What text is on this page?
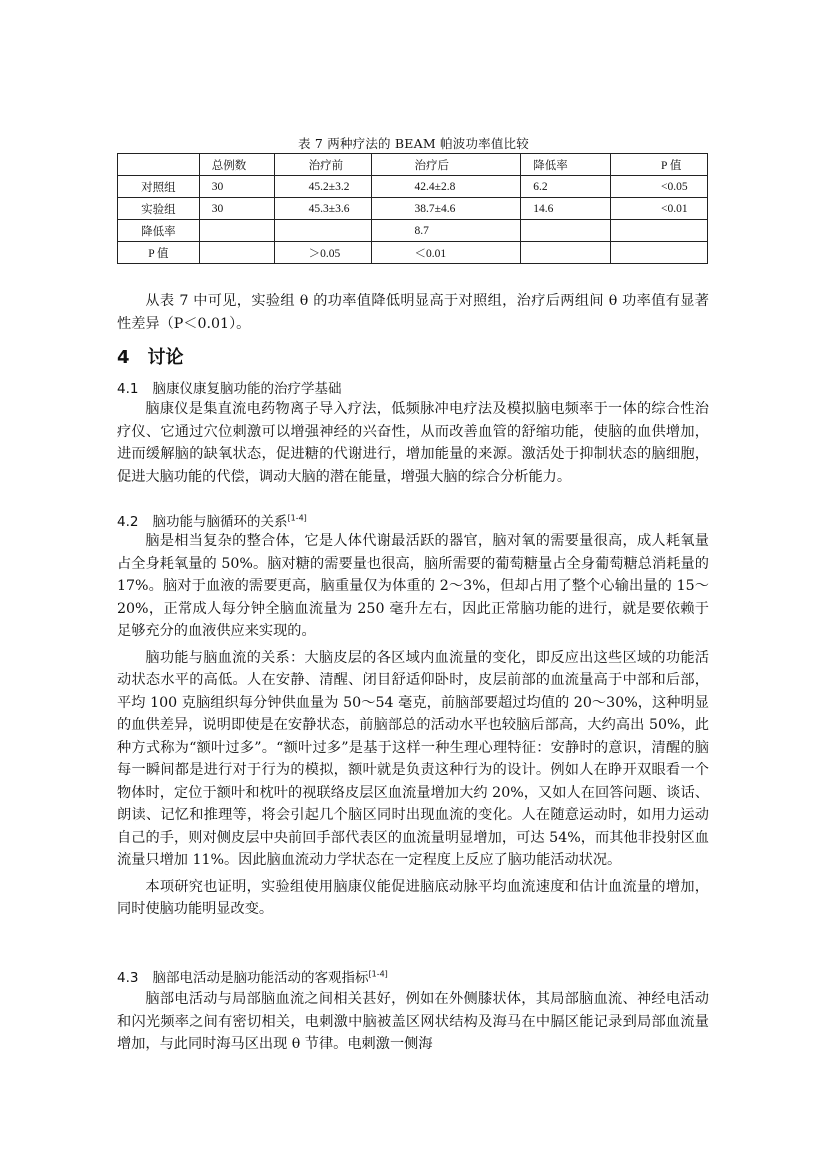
表 7 两种疗法的 BEAM 帕波功率值比较
	总例数	治疗前	治疗后	降低率	P 值
对照组	30	45.2±3.2	42.4±2.8	6.2	<0.05
实验组	30	45.3±3.6	38.7±4.6	14.6	<0.01
降低率			8.7		
P 值		＞0.05	＜0.01		

从表 7 中可见，实验组 θ 的功率值降低明显高于对照组，治疗后两组间 θ 功率值有显著性差异（P＜0.01）。

4 讨论
4.1 脑康仪康复脑功能的治疗学基础

脑康仪是集直流电药物离子导入疗法，低频脉冲电疗法及模拟脑电频率于一体的综合性治疗仪、它通过穴位刺激可以增强神经的兴奋性，从而改善血管的舒缩功能，使脑的血供增加，进而缓解脑的缺氧状态，促进糖的代谢进行，增加能量的来源。激活处于抑制状态的脑细胞，促进大脑功能的代偿，调动大脑的潜在能量，增强大脑的综合分析能力。

4.2 脑功能与脑循环的关系[1-4]

脑是相当复杂的整合体，它是人体代谢最活跃的器官，脑对氧的需要量很高，成人耗氧量占全身耗氧量的 50%。脑对糖的需要量也很高，脑所需要的葡萄糖量占全身葡萄糖总消耗量的 17%。脑对于血液的需要更高，脑重量仅为体重的 2～3%，但却占用了整个心输出量的 15～20%，正常成人每分钟全脑血流量为 250 毫升左右，因此正常脑功能的进行，就是要依赖于足够充分的血液供应来实现的。

脑功能与脑血流的关系：大脑皮层的各区域内血流量的变化，即反应出这些区域的功能活动状态水平的高低。人在安静、清醒、闭目舒适仰卧时，皮层前部的血流量高于中部和后部，平均 100 克脑组织每分钟供血量为 50～54 毫克，前脑部要超过均值的 20～30%，这种明显的血供差异，说明即使是在安静状态，前脑部总的活动水平也较脑后部高，大约高出 50%，此种方式称为“额叶过多”。“额叶过多”是基于这样一种生理心理特征：安静时的意识，清醒的脑每一瞬间都是进行对于行为的模拟，额叶就是负责这种行为的设计。例如人在睁开双眼看一个物体时，定位于额叶和枕叶的视联络皮层区血流量增加大约 20%，又如人在回答问题、谈话、朗读、记忆和推理等，将会引起几个脑区同时出现血流的变化。人在随意运动时，如用力运动自己的手，则对侧皮层中央前回手部代表区的血流量明显增加，可达 54%，而其他非投射区血流量只增加 11%。因此脑血流动力学状态在一定程度上反应了脑功能活动状况。

本项研究也证明，实验组使用脑康仪能促进脑底动脉平均血流速度和估计血流量的增加，同时使脑功能明显改变。

4.3 脑部电活动是脑功能活动的客观指标[1-4]

脑部电活动与局部脑血流之间相关甚好，例如在外侧膝状体，其局部脑血流、神经电活动和闪光频率之间有密切相关，电刺激中脑被盖区网状结构及海马在中膈区能记录到局部血流量增加，与此同时海马区出现 θ 节律。电刺激一侧海
